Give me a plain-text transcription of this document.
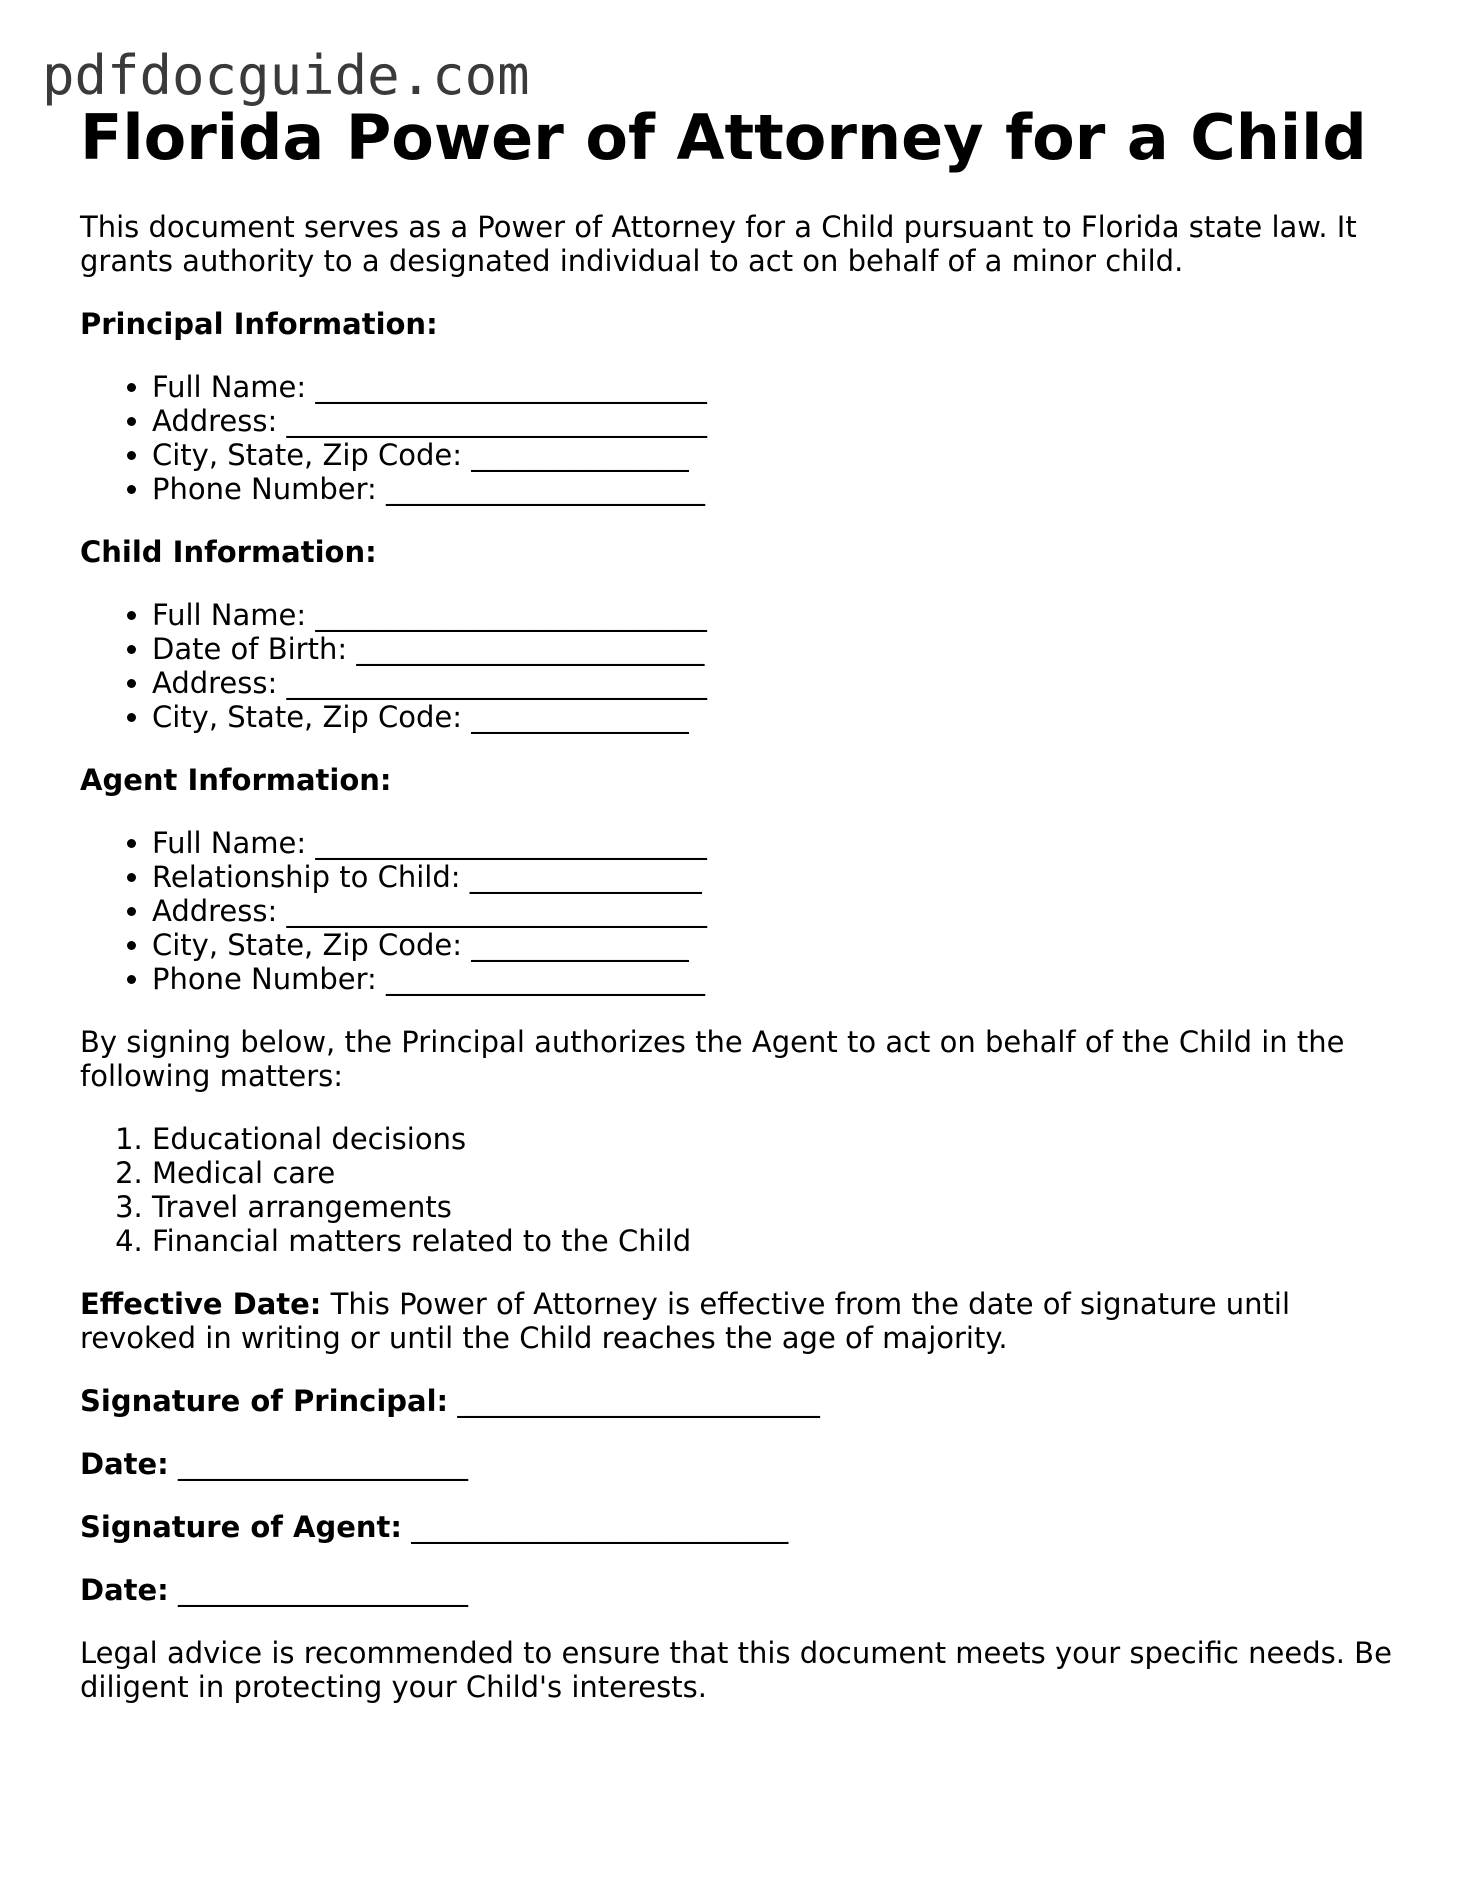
pdfdocguide.com
Florida Power of Attorney for a Child

This document serves as a Power of Attorney for a Child pursuant to Florida state law. It grants authority to a designated individual to act on behalf of a minor child.

Principal Information:

• Full Name: ___________________________
• Address: _____________________________
• City, State, Zip Code: _______________
• Phone Number: ______________________

Child Information:

• Full Name: ___________________________
• Date of Birth: ________________________
• Address: _____________________________
• City, State, Zip Code: _______________

Agent Information:

• Full Name: ___________________________
• Relationship to Child: ________________
• Address: _____________________________
• City, State, Zip Code: _______________
• Phone Number: ______________________

By signing below, the Principal authorizes the Agent to act on behalf of the Child in the following matters:

1. Educational decisions
2. Medical care
3. Travel arrangements
4. Financial matters related to the Child

Effective Date: This Power of Attorney is effective from the date of signature until revoked in writing or until the Child reaches the age of majority.

Signature of Principal: _________________________

Date: ____________________

Signature of Agent: __________________________

Date: ____________________

Legal advice is recommended to ensure that this document meets your specific needs. Be diligent in protecting your Child's interests.
